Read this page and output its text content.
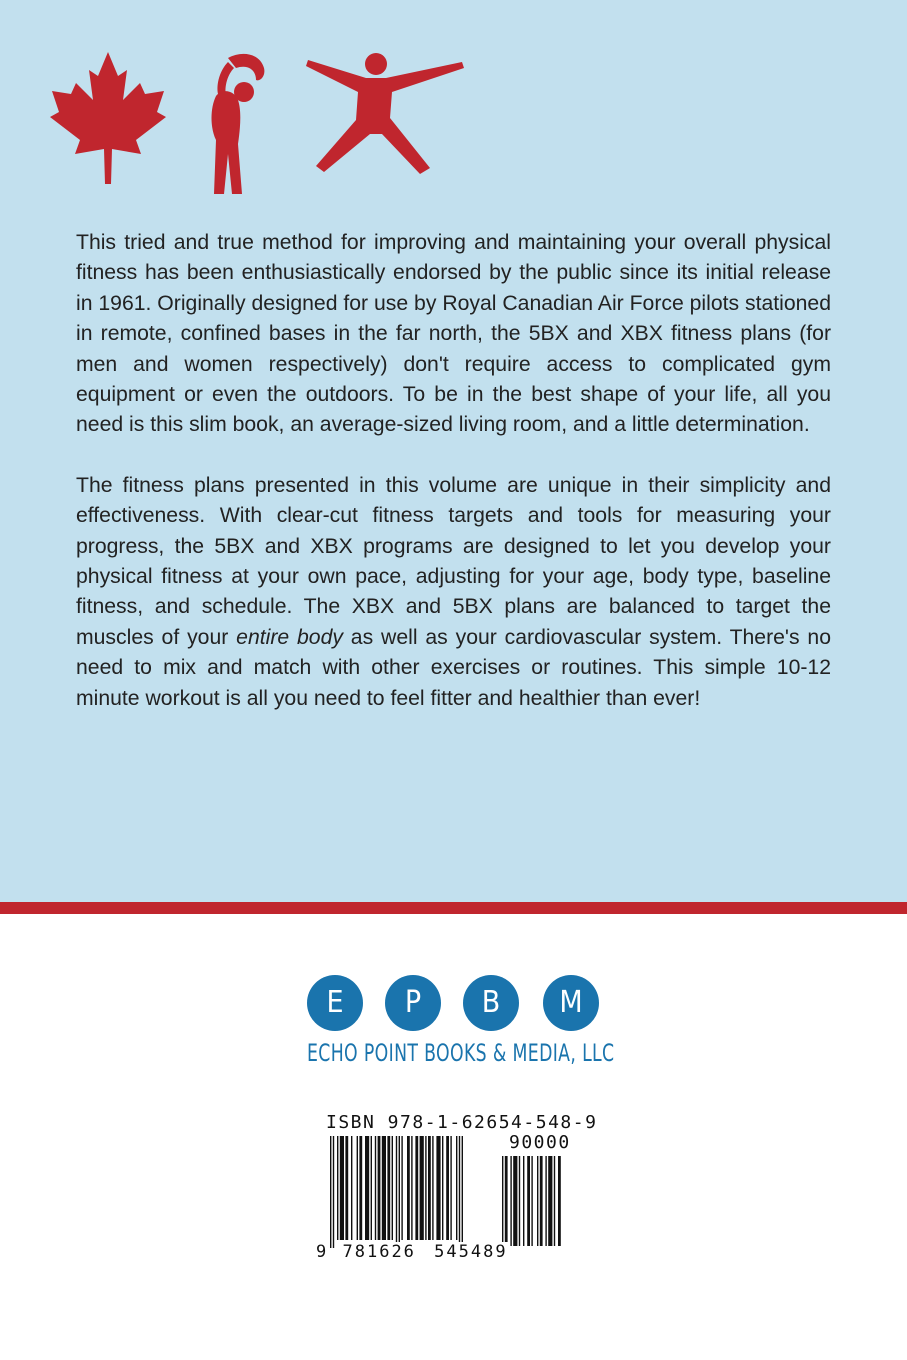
This tried and true method for improving and maintaining your overall physical fitness has been enthusiastically endorsed by the public since its initial release in 1961. Originally designed for use by Royal Canadian Air Force pilots stationed in remote, confined bases in the far north, the 5BX and XBX fitness plans (for men and women respectively) don't require access to complicated gym equipment or even the outdoors. To be in the best shape of your life, all you need is this slim book, an average-sized living room, and a little determination.

The fitness plans presented in this volume are unique in their simplicity and effectiveness. With clear-cut fitness targets and tools for measuring your progress, the 5BX and XBX programs are designed to let you develop your physical fitness at your own pace, adjusting for your age, body type, baseline fitness, and schedule. The XBX and 5BX plans are balanced to target the muscles of your entire body as well as your cardiovascular system. There's no need to mix and match with other exercises or routines. This simple 10-12 minute workout is all you need to feel fitter and healthier than ever!

E	P	B	M
ECHO POINT BOOKS & MEDIA, LLC
ISBN 978-1-62654-548-9
90000
9 781626 545489
